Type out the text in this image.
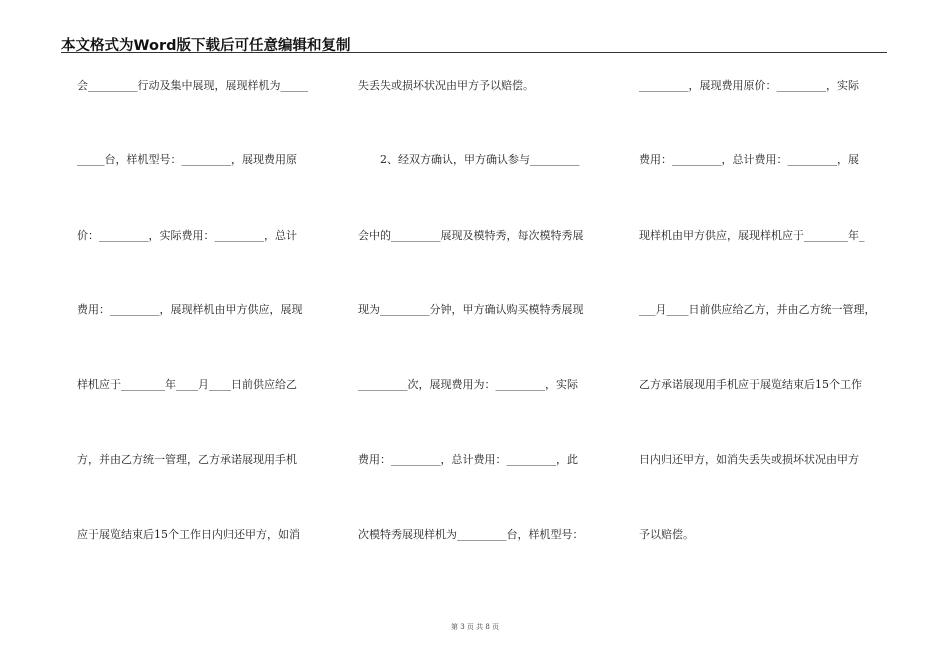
本文格式为Word版下载后可任意编辑和复制
会_________行动及集中展现，展现样机为_____
_____台，样机型号：_________，展现费用原
价：_________，实际费用：_________，总计
费用：_________，展现样机由甲方供应，展现
样机应于________年____月____日前供应给乙
方，并由乙方统一管理，乙方承诺展现用手机
应于展览结束后15个工作日内归还甲方，如消
失丢失或损坏状况由甲方予以赔偿。
2、经双方确认，甲方确认参与_________
会中的_________展现及模特秀，每次模特秀展
现为_________分钟，甲方确认购买模特秀展现
_________次，展现费用为：_________，实际
费用：_________，总计费用：_________，此
次模特秀展现样机为_________台，样机型号：
_________，展现费用原价：_________，实际
费用：_________，总计费用：_________，展
现样机由甲方供应，展现样机应于________年_
___月____日前供应给乙方，并由乙方统一管理，
乙方承诺展现用手机应于展览结束后15个工作
日内归还甲方，如消失丢失或损坏状况由甲方
予以赔偿。
第 3 页 共 8 页
